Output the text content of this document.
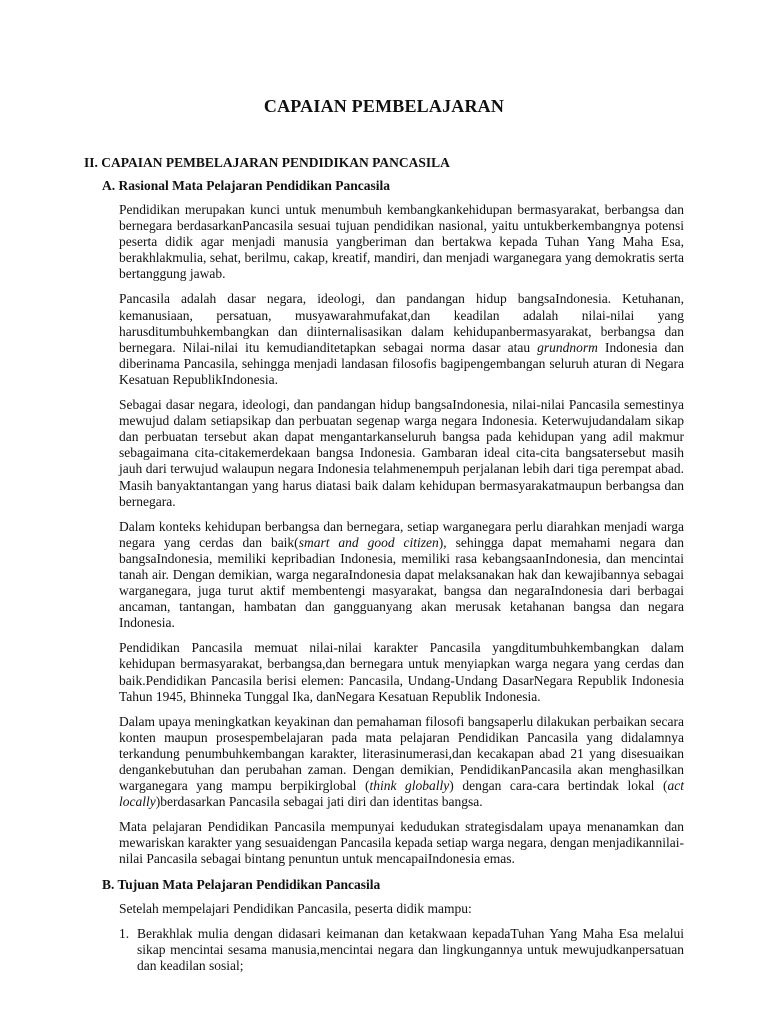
CAPAIAN PEMBELAJARAN
II. CAPAIAN PEMBELAJARAN PENDIDIKAN PANCASILA
A. Rasional Mata Pelajaran Pendidikan Pancasila

Pendidikan merupakan kunci untuk menumbuh kembangkankehidupan bermasyarakat, berbangsa dan bernegara berdasarkanPancasila sesuai tujuan pendidikan nasional, yaitu untukberkembangnya potensi peserta didik agar menjadi manusia yangberiman dan bertakwa kepada Tuhan Yang Maha Esa, berakhlakmulia, sehat, berilmu, cakap, kreatif, mandiri, dan menjadi warganegara yang demokratis serta bertanggung jawab.

Pancasila adalah dasar negara, ideologi, dan pandangan hidup bangsaIndonesia. Ketuhanan, kemanusiaan, persatuan, musyawarahmufakat,dan keadilan adalah nilai-nilai yang harusditumbuhkembangkan dan diinternalisasikan dalam kehidupanbermasyarakat, berbangsa dan bernegara. Nilai-nilai itu kemudianditetapkan sebagai norma dasar atau grundnorm Indonesia dan diberinama Pancasila, sehingga menjadi landasan filosofis bagipengembangan seluruh aturan di Negara Kesatuan RepublikIndonesia.

Sebagai dasar negara, ideologi, dan pandangan hidup bangsaIndonesia, nilai-nilai Pancasila semestinya mewujud dalam setiapsikap dan perbuatan segenap warga negara Indonesia. Keterwujudandalam sikap dan perbuatan tersebut akan dapat mengantarkanseluruh bangsa pada kehidupan yang adil makmur sebagaimana cita-citakemerdekaan bangsa Indonesia. Gambaran ideal cita-cita bangsatersebut masih jauh dari terwujud walaupun negara Indonesia telahmenempuh perjalanan lebih dari tiga perempat abad. Masih banyaktantangan yang harus diatasi baik dalam kehidupan bermasyarakatmaupun berbangsa dan bernegara.

Dalam konteks kehidupan berbangsa dan bernegara, setiap warganegara perlu diarahkan menjadi warga negara yang cerdas dan baik(smart and good citizen), sehingga dapat memahami negara dan bangsaIndonesia, memiliki kepribadian Indonesia, memiliki rasa kebangsaanIndonesia, dan mencintai tanah air. Dengan demikian, warga negaraIndonesia dapat melaksanakan hak dan kewajibannya sebagai warganegara, juga turut aktif membentengi masyarakat, bangsa dan negaraIndonesia dari berbagai ancaman, tantangan, hambatan dan gangguanyang akan merusak ketahanan bangsa dan negara Indonesia.

Pendidikan Pancasila memuat nilai-nilai karakter Pancasila yangditumbuhkembangkan dalam kehidupan bermasyarakat, berbangsa,dan bernegara untuk menyiapkan warga negara yang cerdas dan baik.Pendidikan Pancasila berisi elemen: Pancasila, Undang-Undang DasarNegara Republik Indonesia Tahun 1945, Bhinneka Tunggal Ika, danNegara Kesatuan Republik Indonesia.

Dalam upaya meningkatkan keyakinan dan pemahaman filosofi bangsaperlu dilakukan perbaikan secara konten maupun prosespembelajaran pada mata pelajaran Pendidikan Pancasila yang didalamnya terkandung penumbuhkembangan karakter, literasinumerasi,dan kecakapan abad 21 yang disesuaikan dengankebutuhan dan perubahan zaman. Dengan demikian, PendidikanPancasila akan menghasilkan warganegara yang mampu berpikirglobal (think globally) dengan cara-cara bertindak lokal (act locally)berdasarkan Pancasila sebagai jati diri dan identitas bangsa.

Mata pelajaran Pendidikan Pancasila mempunyai kedudukan strategisdalam upaya menanamkan dan mewariskan karakter yang sesuaidengan Pancasila kepada setiap warga negara, dengan menjadikannilai-nilai Pancasila sebagai bintang penuntun untuk mencapaiIndonesia emas.

B. Tujuan Mata Pelajaran Pendidikan Pancasila

Setelah mempelajari Pendidikan Pancasila, peserta didik mampu:

1. Berakhlak mulia dengan didasari keimanan dan ketakwaan kepadaTuhan Yang Maha Esa melalui sikap mencintai sesama manusia,mencintai negara dan lingkungannya untuk mewujudkanpersatuan dan keadilan sosial;
